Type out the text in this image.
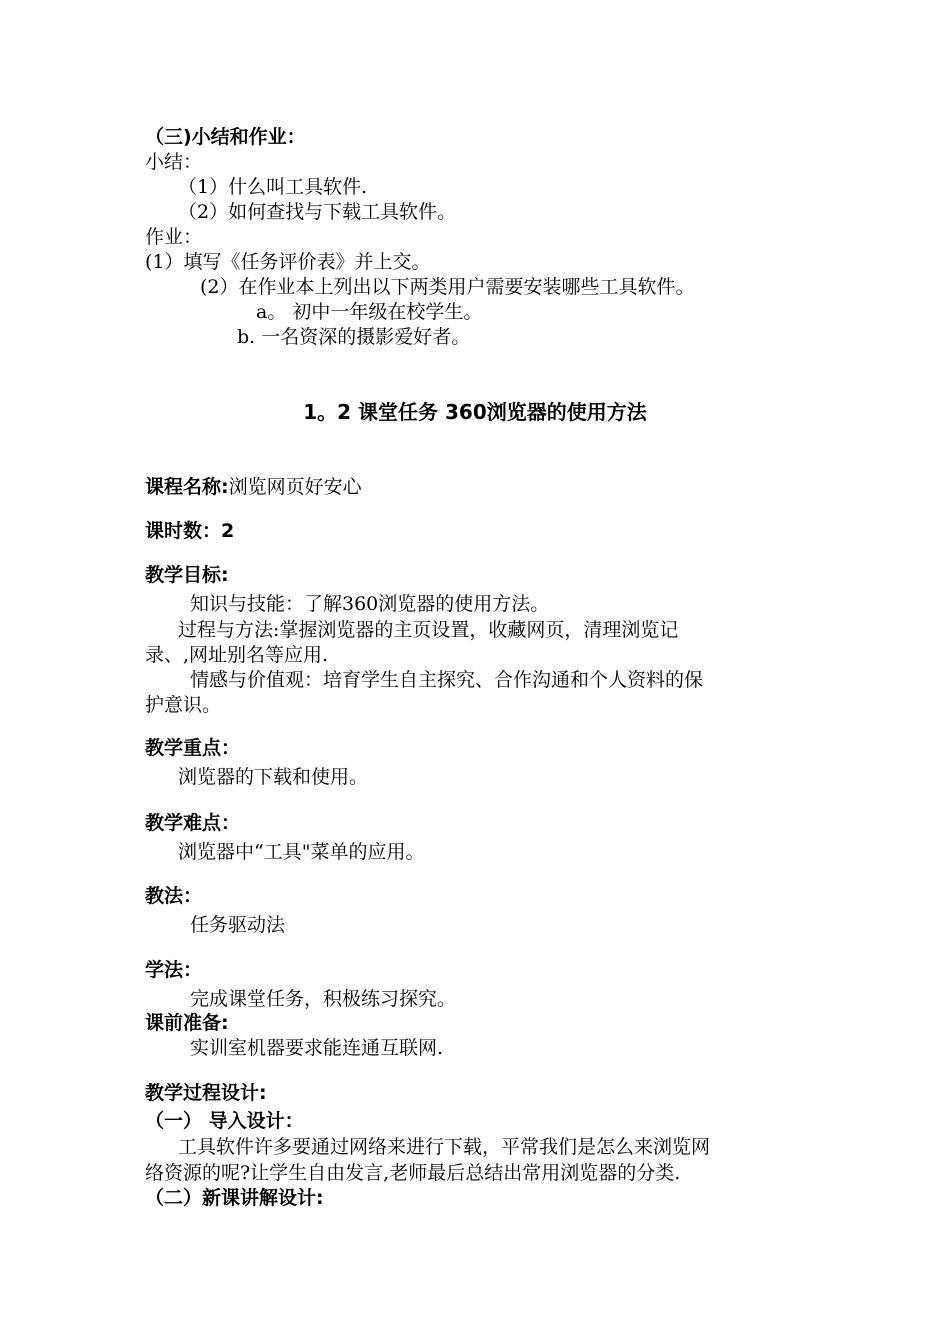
（三)小结和作业：
小结：
（1）什么叫工具软件.
（2）如何查找与下载工具软件。
作业：
(1）填写《任务评价表》并上交。
(2）在作业本上列出以下两类用户需要安装哪些工具软件。
a。 初中一年级在校学生。
b. 一名资深的摄影爱好者。
1。2 课堂任务 360浏览器的使用方法
课程名称:浏览网页好安心
课时数：2
教学目标:
知识与技能：了解360浏览器的使用方法。
过程与方法:掌握浏览器的主页设置，收藏网页，清理浏览记
录、,网址别名等应用.
情感与价值观：培育学生自主探究、合作沟通和个人资料的保
护意识。
教学重点：
浏览器的下载和使用。
教学难点：
浏览器中“工具"菜单的应用。
教法：
任务驱动法
学法：
完成课堂任务，积极练习探究。
课前准备:
实训室机器要求能连通互联网.
教学过程设计:
（一） 导入设计：
工具软件许多要通过网络来进行下载，平常我们是怎么来浏览网
络资源的呢?让学生自由发言,老师最后总结出常用浏览器的分类.
（二）新课讲解设计:
